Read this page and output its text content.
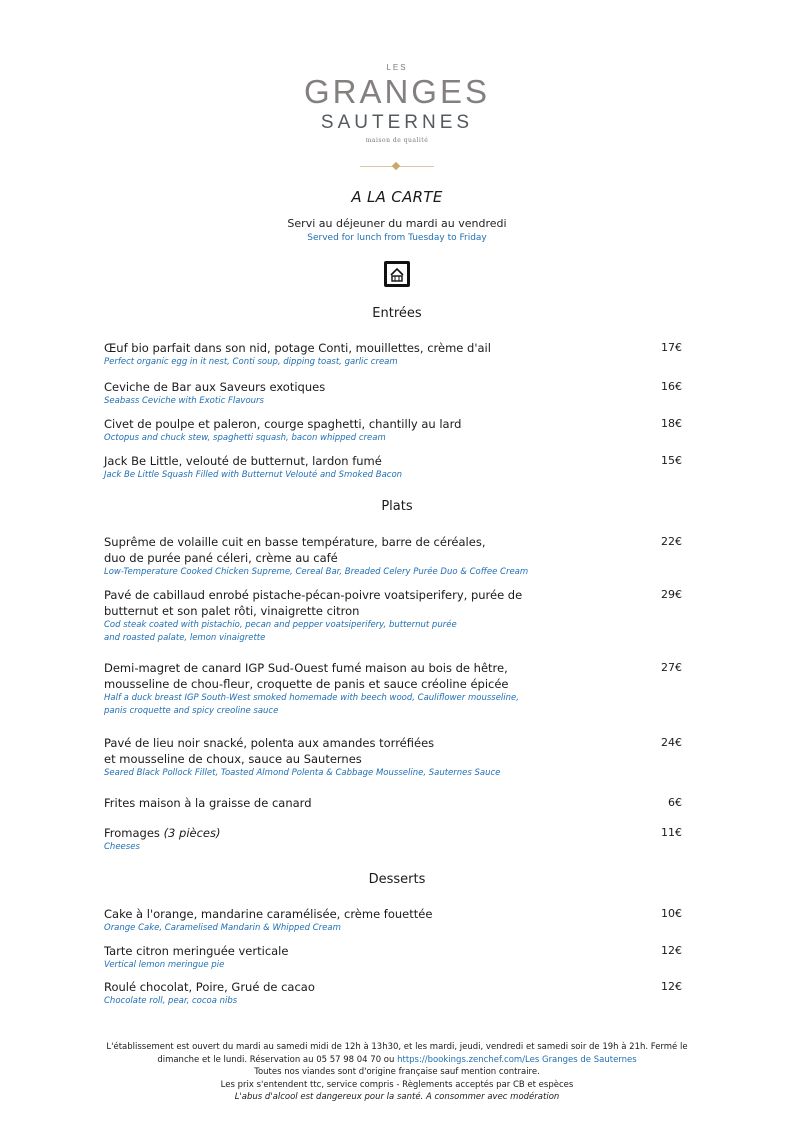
LES
GRANGES
SAUTERNES
maison de qualité
A LA CARTE
Servi au déjeuner du mardi au vendredi
Served for lunch from Tuesday to Friday
Entrées
Œuf bio parfait dans son nid, potage Conti, mouillettes, crème d'ail
Perfect organic egg in it nest, Conti soup, dipping toast, garlic cream
17€
Ceviche de Bar aux Saveurs exotiques
Seabass Ceviche with Exotic Flavours
16€
Civet de poulpe et paleron, courge spaghetti, chantilly au lard
Octopus and chuck stew, spaghetti squash, bacon whipped cream
18€
Jack Be Little, velouté de butternut, lardon fumé
Jack Be Little Squash Filled with Butternut Velouté and Smoked Bacon
15€
Plats
Suprême de volaille cuit en basse température, barre de céréales,
duo de purée pané céleri, crème au café
Low-Temperature Cooked Chicken Supreme, Cereal Bar, Breaded Celery Purée Duo & Coffee Cream
22€
Pavé de cabillaud enrobé pistache-pécan-poivre voatsiperifery, purée de
butternut et son palet rôti, vinaigrette citron
Cod steak coated with pistachio, pecan and pepper voatsiperifery, butternut purée
and roasted palate, lemon vinaigrette
29€
Demi-magret de canard IGP Sud-Ouest fumé maison au bois de hêtre,
mousseline de chou-fleur, croquette de panis et sauce créoline épicée
Half a duck breast IGP South-West smoked homemade with beech wood, Cauliflower mousseline,
panis croquette and spicy creoline sauce
27€
Pavé de lieu noir snacké, polenta aux amandes torréfiées
et mousseline de choux, sauce au Sauternes
Seared Black Pollock Fillet, Toasted Almond Polenta & Cabbage Mousseline, Sauternes Sauce
24€
Frites maison à la graisse de canard	6€
Fromages (3 pièces)
Cheeses
11€
Desserts
Cake à l'orange, mandarine caramélisée, crème fouettée
Orange Cake, Caramelised Mandarin & Whipped Cream
10€
Tarte citron meringuée verticale
Vertical lemon meringue pie
12€
Roulé chocolat, Poire, Grué de cacao
Chocolate roll, pear, cocoa nibs
12€
L'établissement est ouvert du mardi au samedi midi de 12h à 13h30, et les mardi, jeudi, vendredi et samedi soir de 19h à 21h. Fermé le
dimanche et le lundi. Réservation au 05 57 98 04 70 ou https://bookings.zenchef.com/Les Granges de Sauternes
Toutes nos viandes sont d'origine française sauf mention contraire.
Les prix s'entendent ttc, service compris - Règlements acceptés par CB et espèces
L'abus d'alcool est dangereux pour la santé. A consommer avec modération
